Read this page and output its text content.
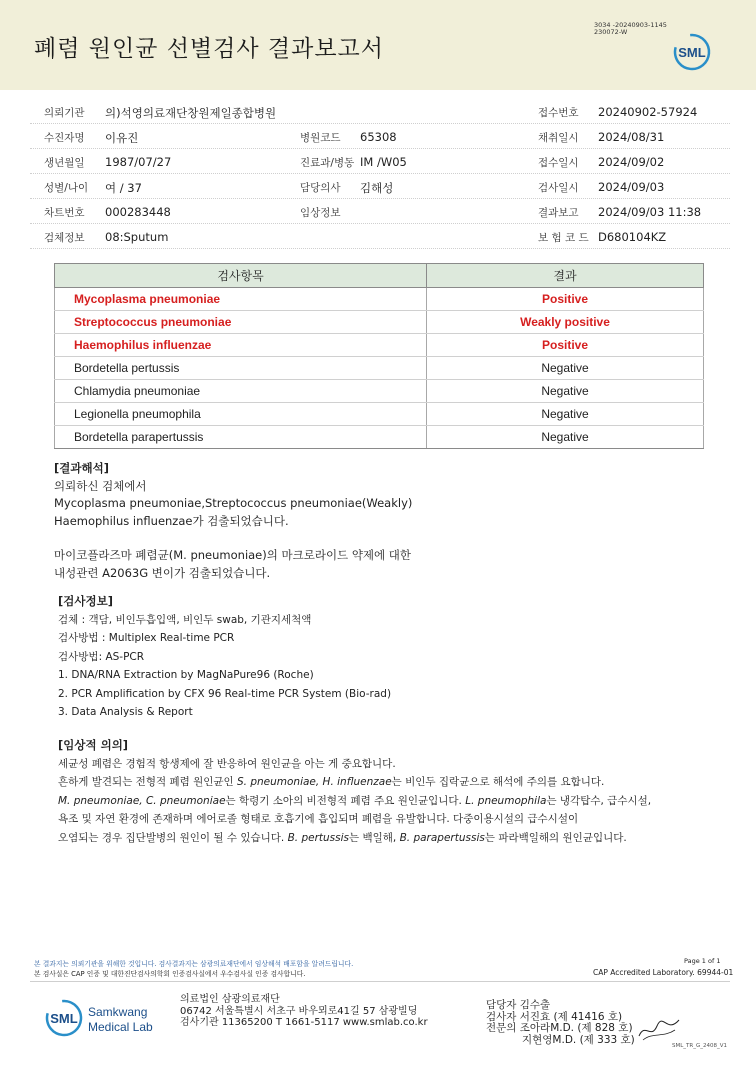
폐렴 원인균 선별검사 결과보고서
3034 -20240903-1145
230072-W
SML
의뢰기관 의)석영의료재단창원제일종합병원	접수번호 20240902-57924
수진자명 이유진	병원코드 65308	채취일시 2024/08/31
생년월일 1987/07/27	진료과/병동 IM /W05	접수일시 2024/09/02
성별/나이 여 / 37	담당의사 김해성	검사일시 2024/09/03
차트번호 000283448	임상정보	결과보고 2024/09/03 11:38
검체정보 08:Sputum	보 험 코 드 D680104KZ
검사항목	결과
Mycoplasma pneumoniae	Positive
Streptococcus pneumoniae	Weakly positive
Haemophilus influenzae	Positive
Bordetella pertussis	Negative
Chlamydia pneumoniae	Negative
Legionella pneumophila	Negative
Bordetella parapertussis	Negative
[결과해석]
의뢰하신 검체에서
Mycoplasma pneumoniae,Streptococcus pneumoniae(Weakly)
Haemophilus influenzae가 검출되었습니다.
마이코플라즈마 폐렴균(M. pneumoniae)의 마크로라이드 약제에 대한
내성관련 A2063G 변이가 검출되었습니다.
[검사정보]
검체 : 객담, 비인두흡입액, 비인두 swab, 기관지세척액
검사방법 : Multiplex Real-time PCR
검사방법: AS-PCR
1. DNA/RNA Extraction by MagNaPure96 (Roche)
2. PCR Amplification by CFX 96 Real-time PCR System (Bio-rad)
3. Data Analysis & Report
[임상적 의의]
세균성 폐렴은 경험적 항생제에 잘 반응하여 원인균을 아는 게 중요합니다.
흔하게 발견되는 전형적 폐렴 원인균인 S. pneumoniae, H. influenzae는 비인두 집락균으로 해석에 주의를 요합니다.
M. pneumoniae, C. pneumoniae는 학령기 소아의 비전형적 폐렴 주요 원인균입니다. L. pneumophila는 냉각탑수, 급수시설,
욕조 및 자연 환경에 존재하며 에어로졸 형태로 호흡기에 흡입되며 폐렴을 유발합니다. 다중이용시설의 급수시설이
오염되는 경우 집단발병의 원인이 될 수 있습니다. B. pertussis는 백일해, B. parapertussis는 파라백일해의 원인균입니다.
본 결과지는 의뢰기관을 위해한 것입니다. 검사결과지는 삼광의료재단에서 임상해석 배포함을 알려드립니다.
본 검사실은 CAP 인증 및 대한진단검사의학회 인증검사실에서 우수검사실 인증 검사합니다.
Page 1 of 1
CAP Accredited Laboratory. 69944-01
SML Samkwang
Medical Lab
의료법인 삼광의료재단
06742 서울특별시 서초구 바우뫼로41길 57 삼광빌딩
검사기관 11365200 T 1661-5117 www.smlab.co.kr
담당자 김수출
검사자 서진효 (제 41416 호)
전문의 조아라M.D. (제 828 호)
지현영M.D. (제 333 호)
SML_TR_G_2408_V1
